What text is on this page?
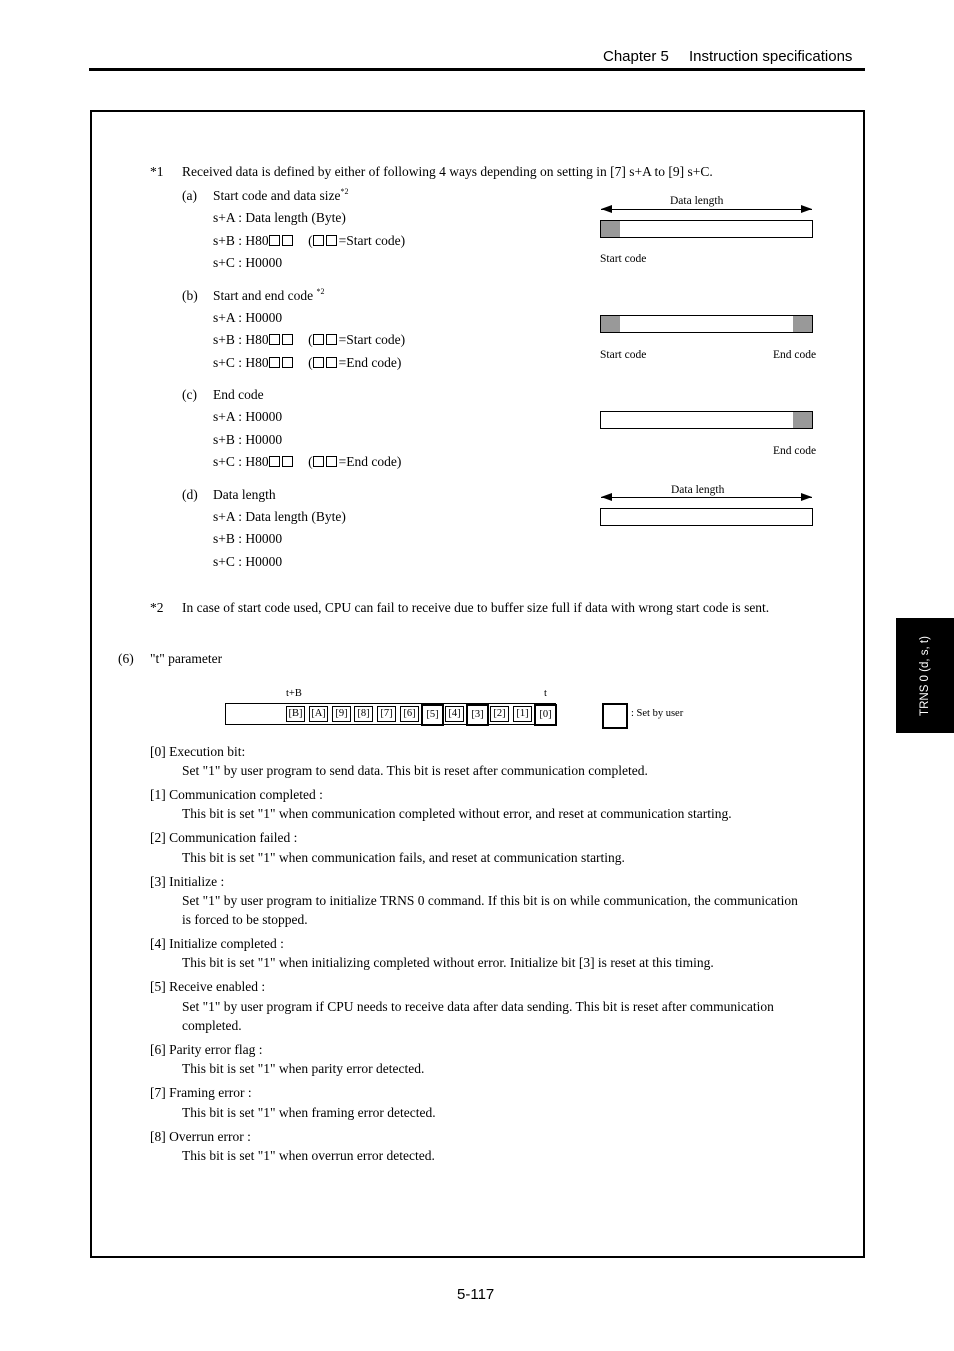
Chapter 5 Instruction specifications
TRNS 0 (d, s, t)
*1 Received data is defined by either of following 4 ways depending on setting in [7] s+A to [9] s+C.
(a) Start code and data size$^{*2}$
s+A : Data length (Byte)
s+B : H80    ( =Start code)
s+C : H0000
(b) Start and end code $^{*2}$
s+A : H0000
s+B : H80    ( =Start code)
s+C : H80    ( =End code)
(c) End code
s+A : H0000
s+B : H0000
s+C : H80    ( =End code)
(d) Data length
s+A : Data length (Byte)
s+B : H0000
s+C : H0000
Data length
Start code
Start code	End code
End code
Data length
*2 In case of start code used, CPU can fail to receive due to buffer size full if data with wrong start code is sent.
(6) "t" parameter
t+B	t
[B] [A] [9] [8]	[7]	[6]	[5] [4]	[3] [2]	[1]	[0]	: Set by user
[0] Execution bit:
Set "1" by user program to send data. This bit is reset after communication completed.
[1] Communication completed :
This bit is set "1" when communication completed without error, and reset at communication starting.
[2] Communication failed :
This bit is set "1" when communication fails, and reset at communication starting.
[3] Initialize :
Set "1" by user program to initialize TRNS 0 command. If this bit is on while communication, the communication
is forced to be stopped.
[4] Initialize completed :
This bit is set "1" when initializing completed without error. Initialize bit [3] is reset at this timing.
[5] Receive enabled :
Set "1" by user program if CPU needs to receive data after data sending. This bit is reset after communication
completed.
[6] Parity error flag :
This bit is set "1" when parity error detected.
[7] Framing error :
This bit is set "1" when framing error detected.
[8] Overrun error :
This bit is set "1" when overrun error detected.
5-117
